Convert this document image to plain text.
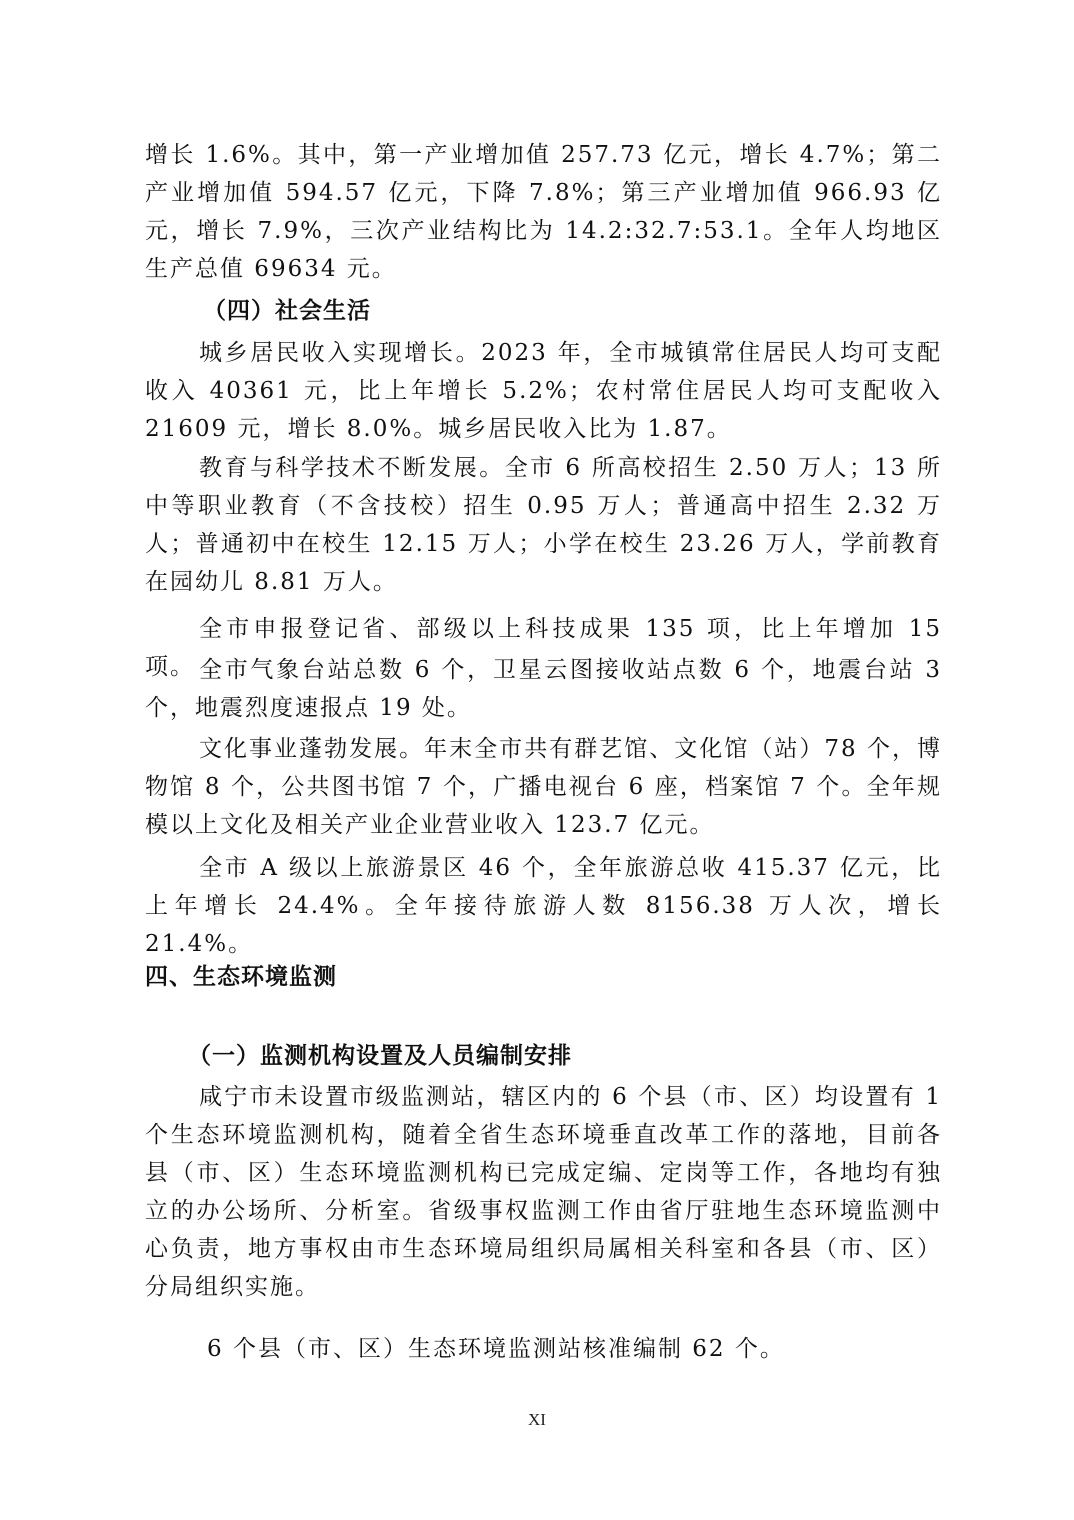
增长 1.6%。其中，第一产业增加值 257.73 亿元，增长 4.7%；第二产业增加值 594.57 亿元，下降 7.8%；第三产业增加值 966.93 亿元，增长 7.9%，三次产业结构比为 14.2:32.7:53.1。全年人均地区生产总值 69634 元。

（四）社会生活

城乡居民收入实现增长。2023 年，全市城镇常住居民人均可支配收入 40361 元，比上年增长 5.2%；农村常住居民人均可支配收入 21609 元，增长 8.0%。城乡居民收入比为 1.87。

教育与科学技术不断发展。全市 6 所高校招生 2.50 万人；13 所中等职业教育（不含技校）招生 0.95 万人；普通高中招生 2.32 万人；普通初中在校生 12.15 万人；小学在校生 23.26 万人，学前教育在园幼儿 8.81 万人。

全市申报登记省、部级以上科技成果 135 项，比上年增加 15 项。 全市气象台站总数 6 个，卫星云图接收站点数 6 个，地震台站 3 个，地震烈度速报点 19 处。

文化事业蓬勃发展。年末全市共有群艺馆、文化馆（站）78 个，博物馆 8 个，公共图书馆 7 个，广播电视台 6 座，档案馆 7 个。全年规模以上文化及相关产业企业营业收入 123.7 亿元。

全市 A 级以上旅游景区 46 个，全年旅游总收 415.37 亿元，比上年增长 24.4%。全年接待旅游人数 8156.38 万人次，增长 21.4%。

四、生态环境监测

（一）监测机构设置及人员编制安排

咸宁市未设置市级监测站，辖区内的 6 个县（市、区）均设置有 1 个生态环境监测机构，随着全省生态环境垂直改革工作的落地，目前各县（市、区）生态环境监测机构已完成定编、定岗等工作，各地均有独立的办公场所、分析室。省级事权监测工作由省厅驻地生态环境监测中心负责，地方事权由市生态环境局组织局属相关科室和各县（市、区）分局组织实施。

6 个县（市、区）生态环境监测站核准编制 62 个。

XI
